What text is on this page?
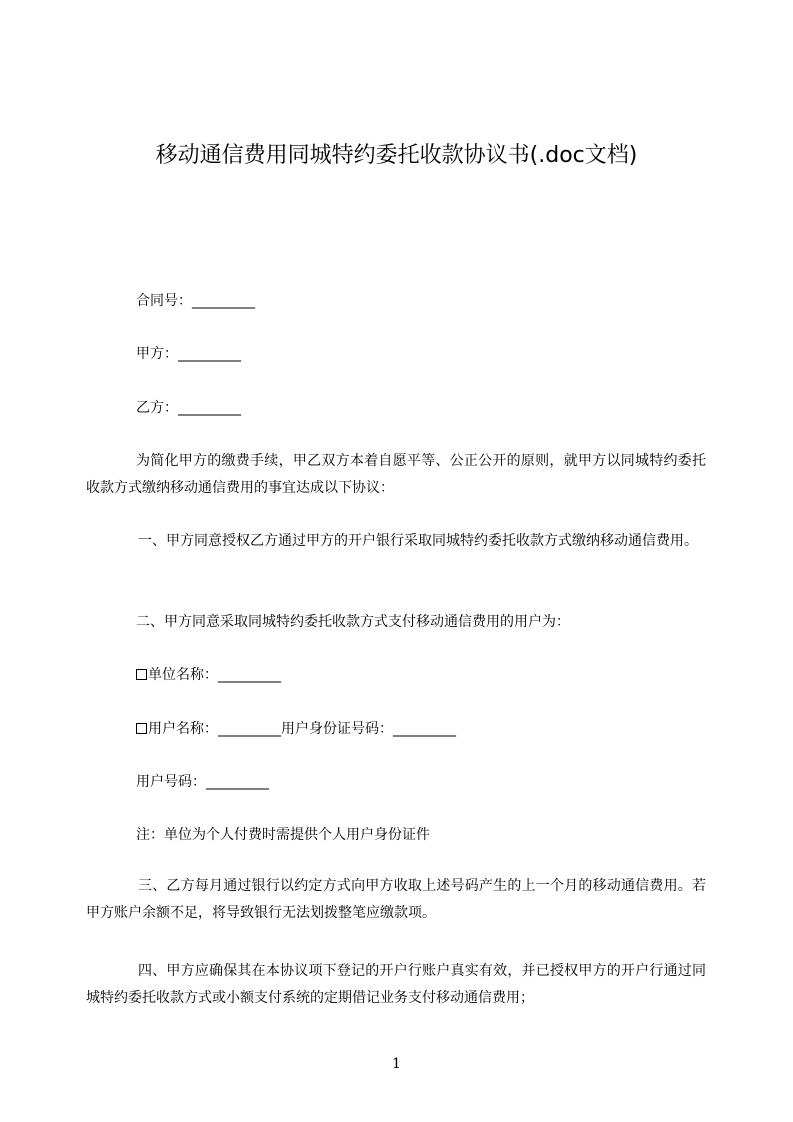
移动通信费用同城特约委托收款协议书(.doc文档)
合同号：_________
甲方：_________
乙方：_________
为简化甲方的缴费手续，甲乙双方本着自愿平等、公正公开的原则，就甲方以同城特约委托收款方式缴纳移动通信费用的事宜达成以下协议：
一、甲方同意授权乙方通过甲方的开户银行采取同城特约委托收款方式缴纳移动通信费用。
二、甲方同意采取同城特约委托收款方式支付移动通信费用的用户为：
单位名称：_________
用户名称：_________用户身份证号码：_________
用户号码：_________
注：单位为个人付费时需提供个人用户身份证件
三、乙方每月通过银行以约定方式向甲方收取上述号码产生的上一个月的移动通信费用。若甲方账户余额不足，将导致银行无法划拨整笔应缴款项。
四、甲方应确保其在本协议项下登记的开户行账户真实有效，并已授权甲方的开户行通过同城特约委托收款方式或小额支付系统的定期借记业务支付移动通信费用；
1
